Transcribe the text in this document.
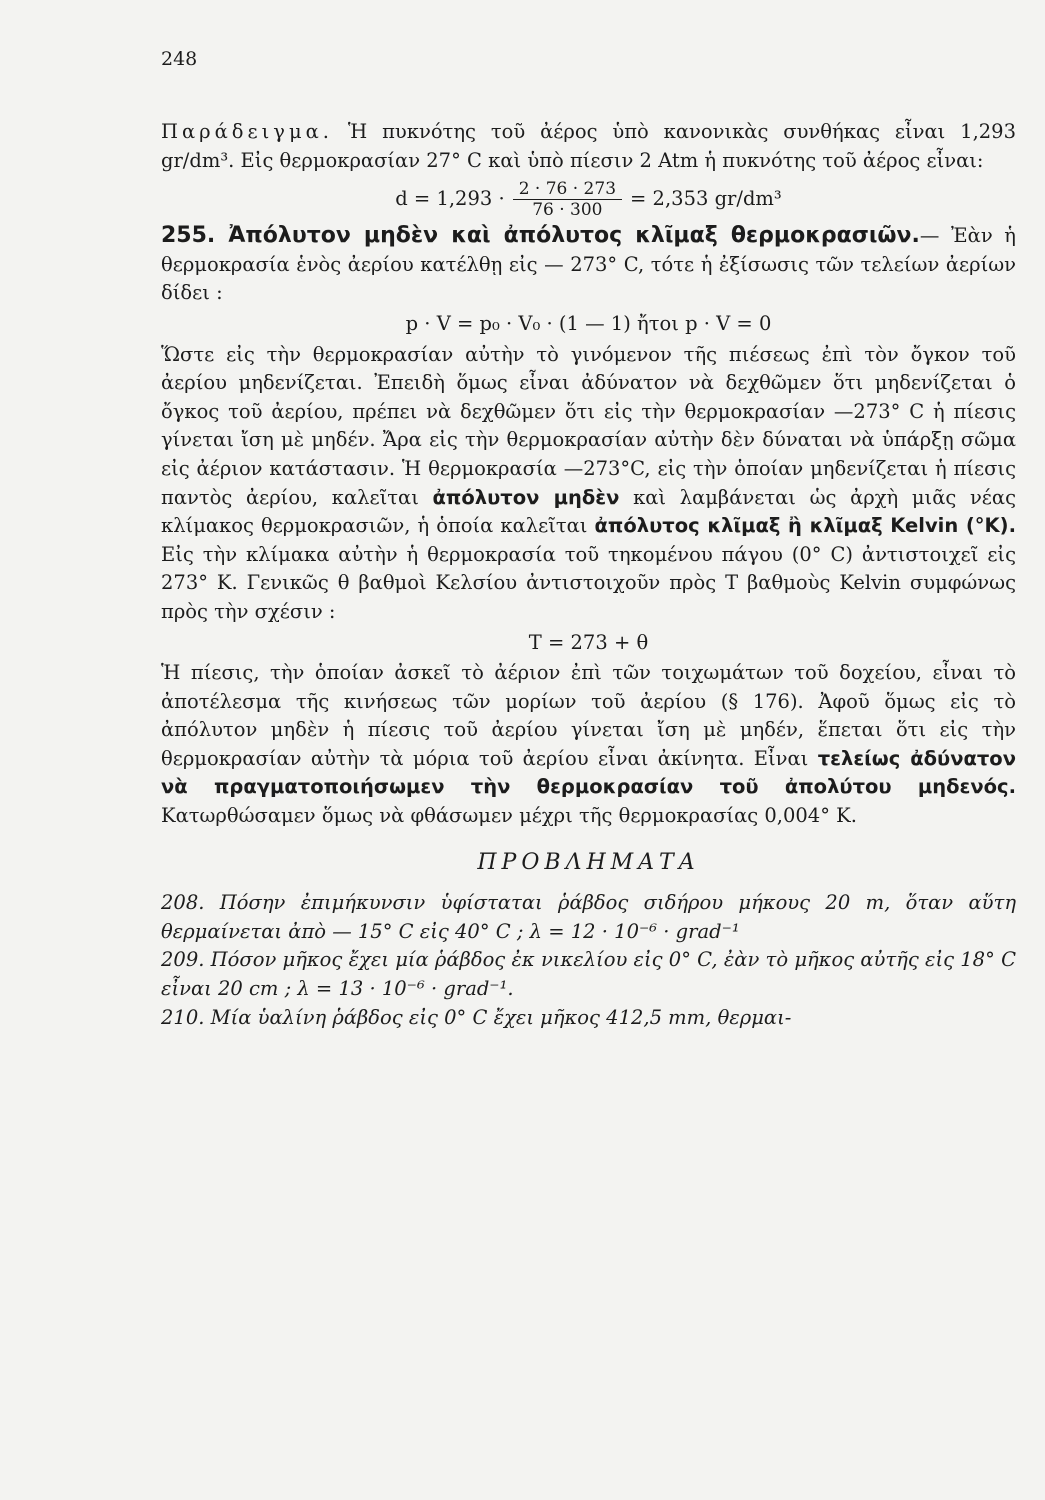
248

Παράδειγμα. Ἡ πυκνότης τοῦ ἀέρος ὑπὸ κανονικὰς συνθήκας εἶναι 1,293 gr/dm³. Εἰς θερμοκρασίαν 27° C καὶ ὑπὸ πίεσιν 2 Atm ἡ πυκνότης τοῦ ἀέρος εἶναι:

$d = 1,293 \cdot \frac{2 \cdot 76 \cdot 273}{76 \cdot 300} = 2,353$ gr/dm³

255. Ἀπόλυτον μηδὲν καὶ ἀπόλυτος κλῖμαξ θερμοκρασιῶν.— Ἐὰν ἡ θερμοκρασία ἑνὸς ἀερίου κατέλθῃ εἰς — 273° C, τότε ἡ ἐξίσωσις τῶν τελείων ἀερίων δίδει :

p · V = p₀ · V₀ · (1 — 1) ἤτοι p · V = 0

Ὥστε εἰς τὴν θερμοκρασίαν αὐτὴν τὸ γινόμενον τῆς πιέσεως ἐπὶ τὸν ὄγκον τοῦ ἀερίου μηδενίζεται. Ἐπειδὴ ὅμως εἶναι ἀδύνατον νὰ δεχθῶμεν ὅτι μηδενίζεται ὁ ὄγκος τοῦ ἀερίου, πρέπει νὰ δεχθῶμεν ὅτι εἰς τὴν θερμοκρασίαν —273° C ἡ πίεσις γίνεται ἴση μὲ μηδέν. Ἄρα εἰς τὴν θερμοκρασίαν αὐτὴν δὲν δύναται νὰ ὑπάρξῃ σῶμα εἰς ἀέριον κατάστασιν. Ἡ θερμοκρασία —273°C, εἰς τὴν ὁποίαν μηδενίζεται ἡ πίεσις παντὸς ἀερίου, καλεῖται ἀπόλυτον μηδὲν καὶ λαμβάνεται ὡς ἀρχὴ μιᾶς νέας κλίμακος θερμοκρασιῶν, ἡ ὁποία καλεῖται ἀπόλυτος κλῖμαξ ἢ κλῖμαξ Kelvin (°K). Εἰς τὴν κλίμακα αὐτὴν ἡ θερμοκρασία τοῦ τηκομένου πάγου (0° C) ἀντιστοιχεῖ εἰς 273° K. Γενικῶς θ βαθμοὶ Κελσίου ἀντιστοιχοῦν πρὸς T βαθμοὺς Kelvin συμφώνως πρὸς τὴν σχέσιν :

T = 273 + θ

Ἡ πίεσις, τὴν ὁποίαν ἀσκεῖ τὸ ἀέριον ἐπὶ τῶν τοιχωμάτων τοῦ δοχείου, εἶναι τὸ ἀποτέλεσμα τῆς κινήσεως τῶν μορίων τοῦ ἀερίου (§ 176). Ἀφοῦ ὅμως εἰς τὸ ἀπόλυτον μηδὲν ἡ πίεσις τοῦ ἀερίου γίνεται ἴση μὲ μηδέν, ἕπεται ὅτι εἰς τὴν θερμοκρασίαν αὐτὴν τὰ μόρια τοῦ ἀερίου εἶναι ἀκίνητα. Εἶναι τελείως ἀδύνατον νὰ πραγματοποιήσωμεν τὴν θερμοκρασίαν τοῦ ἀπολύτου μηδενός. Κατωρθώσαμεν ὅμως νὰ φθάσωμεν μέχρι τῆς θερμοκρασίας 0,004° K.

ΠΡΟΒΛΗΜΑΤΑ

208. Πόσην ἐπιμήκυνσιν ὑφίσταται ῥάβδος σιδήρου μήκους 20 m, ὅταν αὕτη θερμαίνεται ἀπὸ — 15° C εἰς 40° C ; λ = 12 · 10⁻⁶ · grad⁻¹

209. Πόσον μῆκος ἔχει μία ῥάβδος ἐκ νικελίου εἰς 0° C, ἐὰν τὸ μῆκος αὐτῆς εἰς 18° C εἶναι 20 cm ; λ = 13 · 10⁻⁶ · grad⁻¹.

210. Μία ὑαλίνη ῥάβδος εἰς 0° C ἔχει μῆκος 412,5 mm, θερμαι-
